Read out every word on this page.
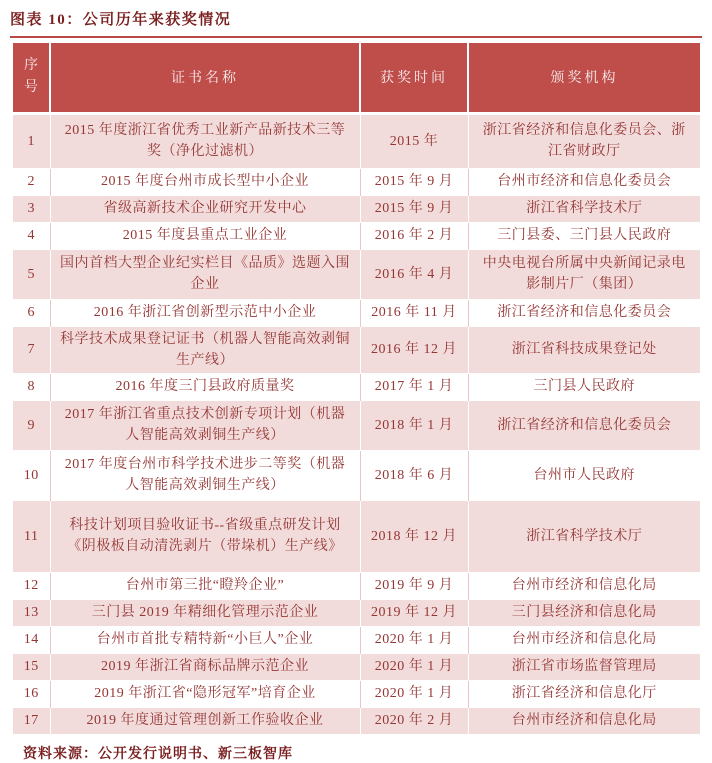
图表 10：公司历年来获奖情况
序号	证书名称	获奖时间	颁奖机构
1	2015 年度浙江省优秀工业新产品新技术三等奖（净化过滤机）	2015 年	浙江省经济和信息化委员会、浙江省财政厅
2	2015 年度台州市成长型中小企业	2015 年 9 月	台州市经济和信息化委员会
3	省级高新技术企业研究开发中心	2015 年 9 月	浙江省科学技术厅
4	2015 年度县重点工业企业	2016 年 2 月	三门县委、三门县人民政府
5	国内首档大型企业纪实栏目《品质》选题入围企业	2016 年 4 月	中央电视台所属中央新闻记录电影制片厂（集团）
6	2016 年浙江省创新型示范中小企业	2016 年 11 月	浙江省经济和信息化委员会
7	科学技术成果登记证书（机器人智能高效剥铜生产线）	2016 年 12 月	浙江省科技成果登记处
8	2016 年度三门县政府质量奖	2017 年 1 月	三门县人民政府
9	2017 年浙江省重点技术创新专项计划（机器人智能高效剥铜生产线）	2018 年 1 月	浙江省经济和信息化委员会
10	2017 年度台州市科学技术进步二等奖（机器人智能高效剥铜生产线）	2018 年 6 月	台州市人民政府
11	科技计划项目验收证书--省级重点研发计划《阴极板自动清洗剥片（带垛机）生产线》	2018 年 12 月	浙江省科学技术厅
12	台州市第三批“瞪羚企业”	2019 年 9 月	台州市经济和信息化局
13	三门县 2019 年精细化管理示范企业	2019 年 12 月	三门县经济和信息化局
14	台州市首批专精特新“小巨人”企业	2020 年 1 月	台州市经济和信息化局
15	2019 年浙江省商标品牌示范企业	2020 年 1 月	浙江省市场监督管理局
16	2019 年浙江省“隐形冠军”培育企业	2020 年 1 月	浙江省经济和信息化厅
17	2019 年度通过管理创新工作验收企业	2020 年 2 月	台州市经济和信息化局
资料来源：公开发行说明书、新三板智库
